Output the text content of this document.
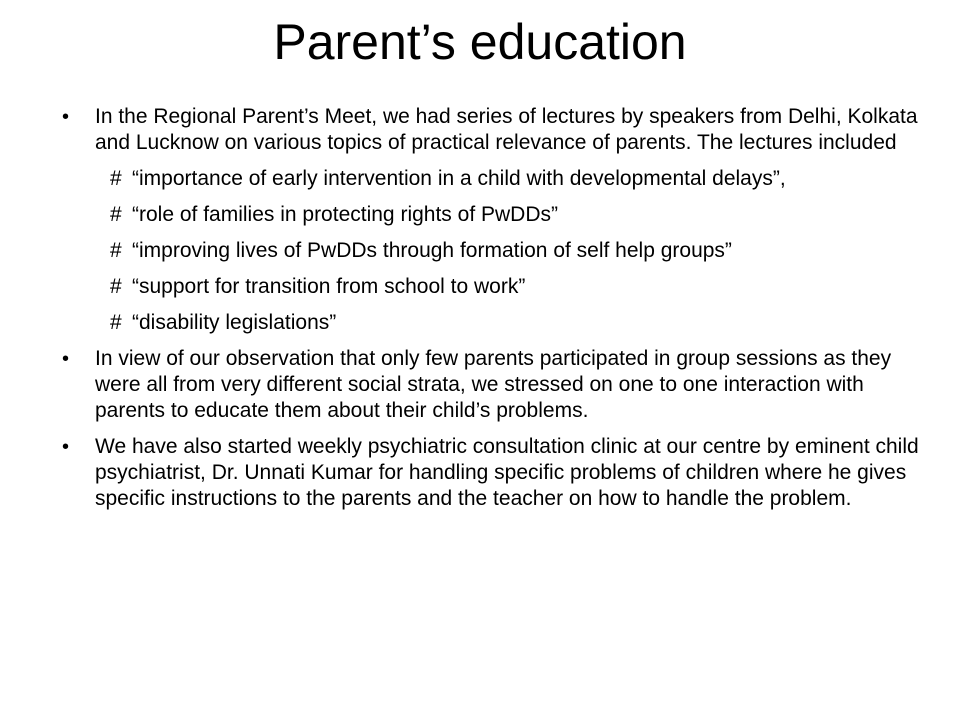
Parent’s education
•	In the Regional Parent’s Meet, we had series of lectures by speakers from Delhi, Kolkata and Lucknow on various topics of practical relevance of parents. The lectures included
# “importance of early intervention in a child with developmental delays”,
# “role of families in protecting rights of PwDDs”
# “improving lives of PwDDs through formation of self help groups”
# “support for transition from school to work”
# “disability legislations”
•	In view of our observation that only few parents participated in group sessions as they were all from very different social strata, we stressed on one to one interaction with parents to educate them about their child’s problems.
•	We have also started weekly psychiatric consultation clinic at our centre by eminent child psychiatrist, Dr. Unnati Kumar for handling specific problems of children where he gives specific instructions to the parents and the teacher on how to handle the problem.
